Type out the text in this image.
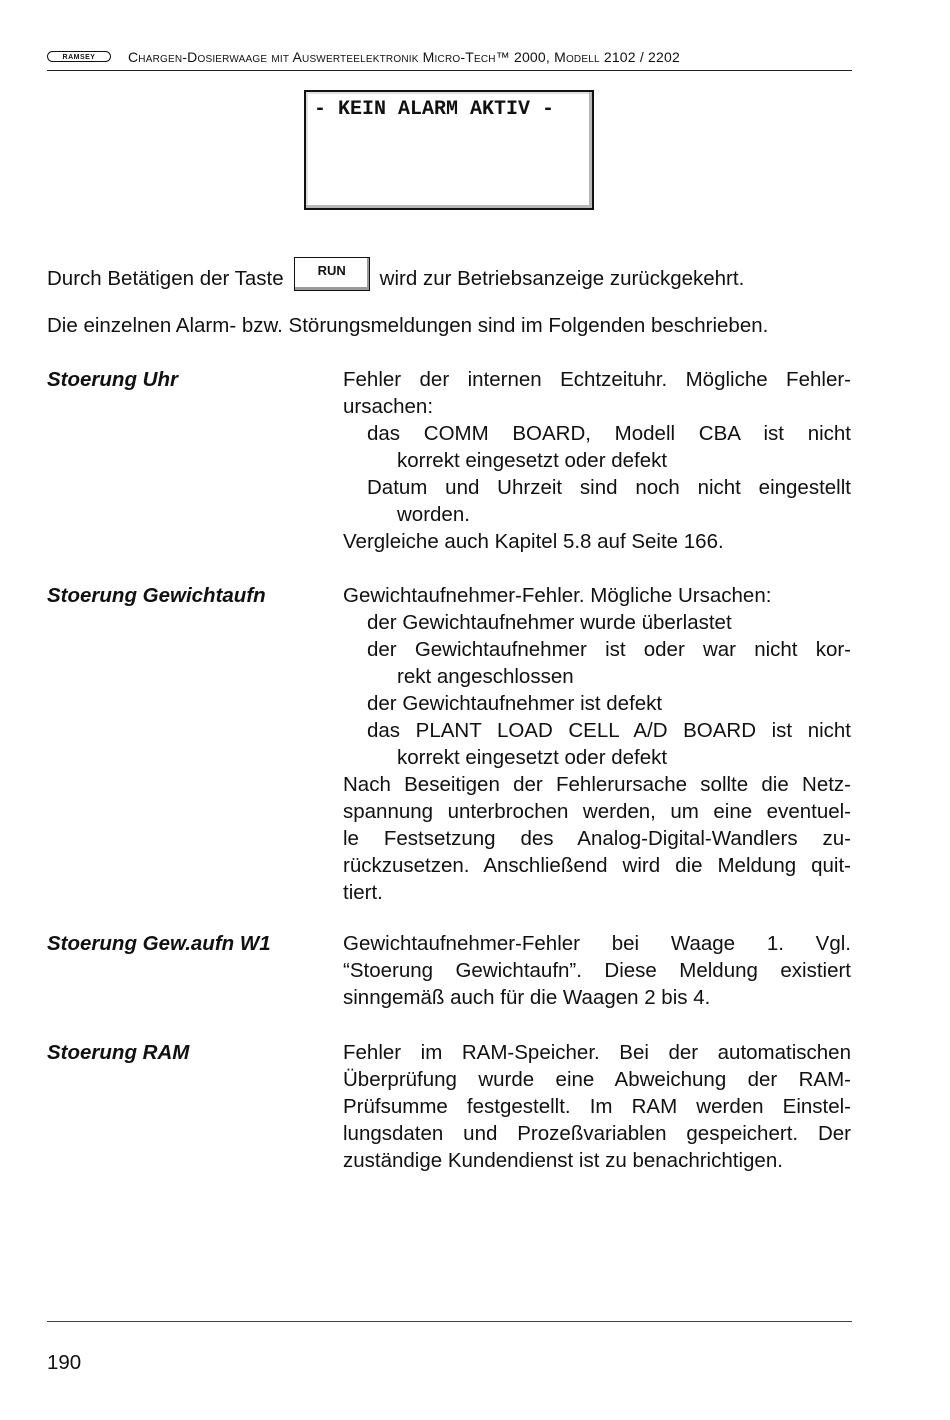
RAMSEY	Chargen-Dosierwaage mit Auswerteelektronik Micro-Tech™ 2000, Modell 2102 / 2202
- KEIN ALARM AKTIV -
Durch Betätigen der Taste	RUN wird zur Betriebsanzeige zurückgekehrt.
Die einzelnen Alarm- bzw. Störungsmeldungen sind im Folgenden beschrieben.
Stoerung Uhr	Fehler der internen Echtzeituhr. Mögliche Fehler-
ursachen:
das COMM BOARD, Modell CBA ist nicht
korrekt eingesetzt oder defekt
Datum und Uhrzeit sind noch nicht eingestellt
worden.
Vergleiche auch Kapitel 5.8 auf Seite 166.
Stoerung Gewichtaufn	Gewichtaufnehmer-Fehler. Mögliche Ursachen:
der Gewichtaufnehmer wurde überlastet
der Gewichtaufnehmer ist oder war nicht kor-
rekt angeschlossen
der Gewichtaufnehmer ist defekt
das PLANT LOAD CELL A/D BOARD ist nicht
korrekt eingesetzt oder defekt
Nach Beseitigen der Fehlerursache sollte die Netz-
spannung unterbrochen werden, um eine eventuel-
le Festsetzung des Analog-Digital-Wandlers zu-
rückzusetzen. Anschließend wird die Meldung quit-
tiert.
Stoerung Gew.aufn W1	Gewichtaufnehmer-Fehler bei Waage 1. Vgl.
“Stoerung Gewichtaufn”. Diese Meldung existiert
sinngemäß auch für die Waagen 2 bis 4.
Stoerung RAM	Fehler im RAM-Speicher. Bei der automatischen
Überprüfung wurde eine Abweichung der RAM-
Prüfsumme festgestellt. Im RAM werden Einstel-
lungsdaten und Prozeßvariablen gespeichert. Der
zuständige Kundendienst ist zu benachrichtigen.
190
